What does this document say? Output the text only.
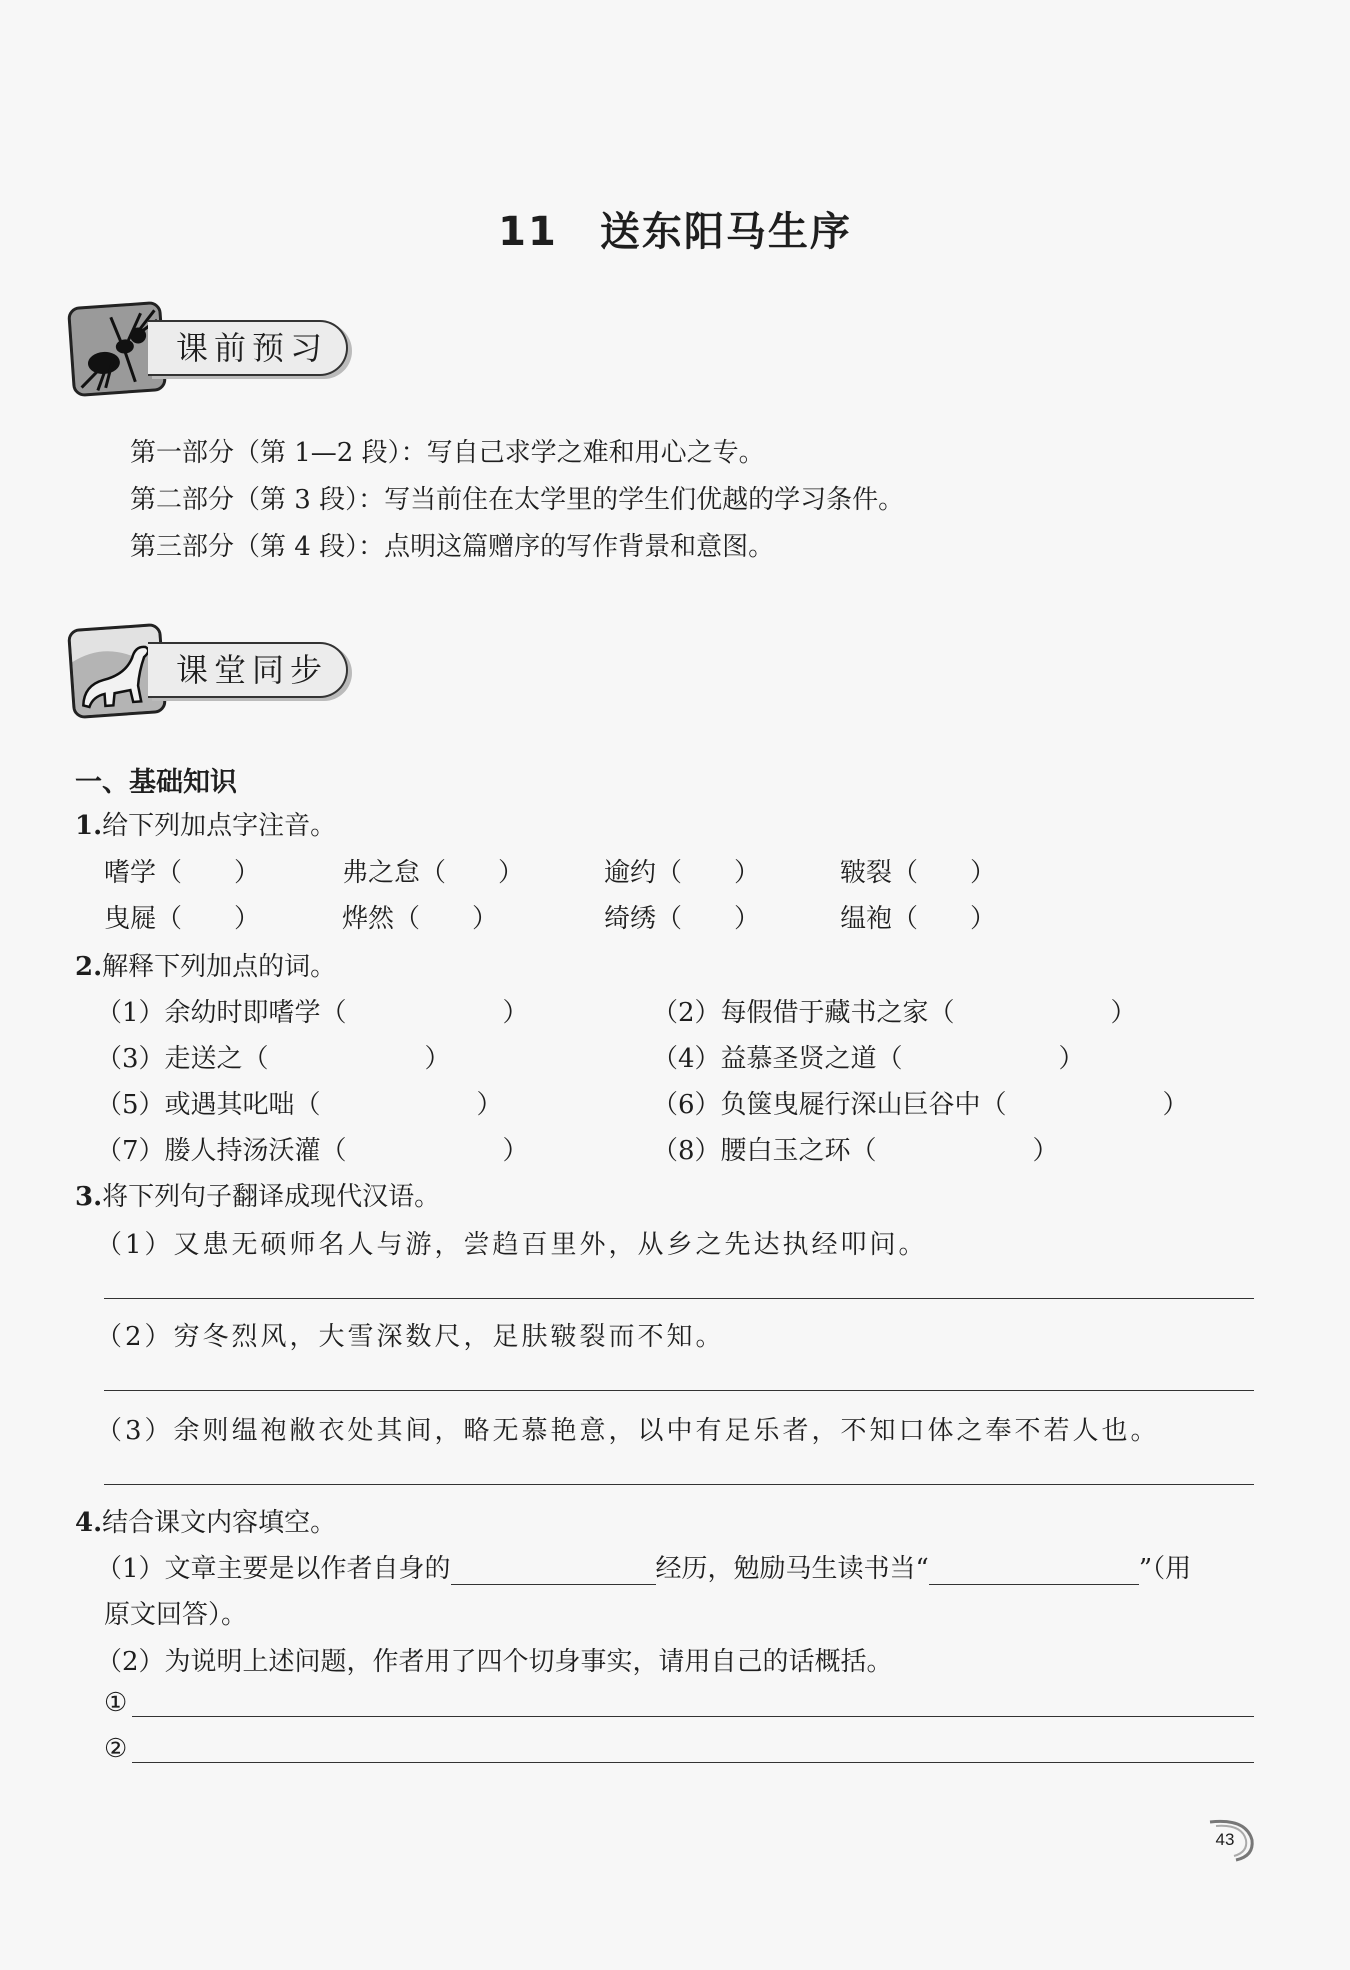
11 送东阳马生序
课前预习
第一部分（第 1—2 段）：写自己求学之难和用心之专。
第二部分（第 3 段）：写当前住在太学里的学生们优越的学习条件。
第三部分（第 4 段）：点明这篇赠序的写作背景和意图。
课堂同步
一、基础知识
1.给下列加点字注音。
嗜学（　　）	弗之怠（　　）	逾约（　　）	皲裂（　　）
曳屣（　　）	烨然（　　）	绮绣（　　）	缊袍（　　）
2.解释下列加点的词。
（1）余幼时即嗜学（　　　　　　）	（2）每假借于藏书之家（　　　　　　）
（3）走送之（　　　　　　）	（4）益慕圣贤之道（　　　　　　）
（5）或遇其叱咄（　　　　　　）	（6）负箧曳屣行深山巨谷中（　　　　　　）
（7）媵人持汤沃灌（　　　　　　）	（8）腰白玉之环（　　　　　　）
3.将下列句子翻译成现代汉语。
（1）又患无硕师名人与游，尝趋百里外，从乡之先达执经叩问。
（2）穷冬烈风，大雪深数尺，足肤皲裂而不知。
（3）余则缊袍敝衣处其间，略无慕艳意，以中有足乐者，不知口体之奉不若人也。
4.结合课文内容填空。
（1）文章主要是以作者自身的	经历，勉励马生读书当“	”（用
原文回答）。
（2）为说明上述问题，作者用了四个切身事实，请用自己的话概括。
①
②
43
